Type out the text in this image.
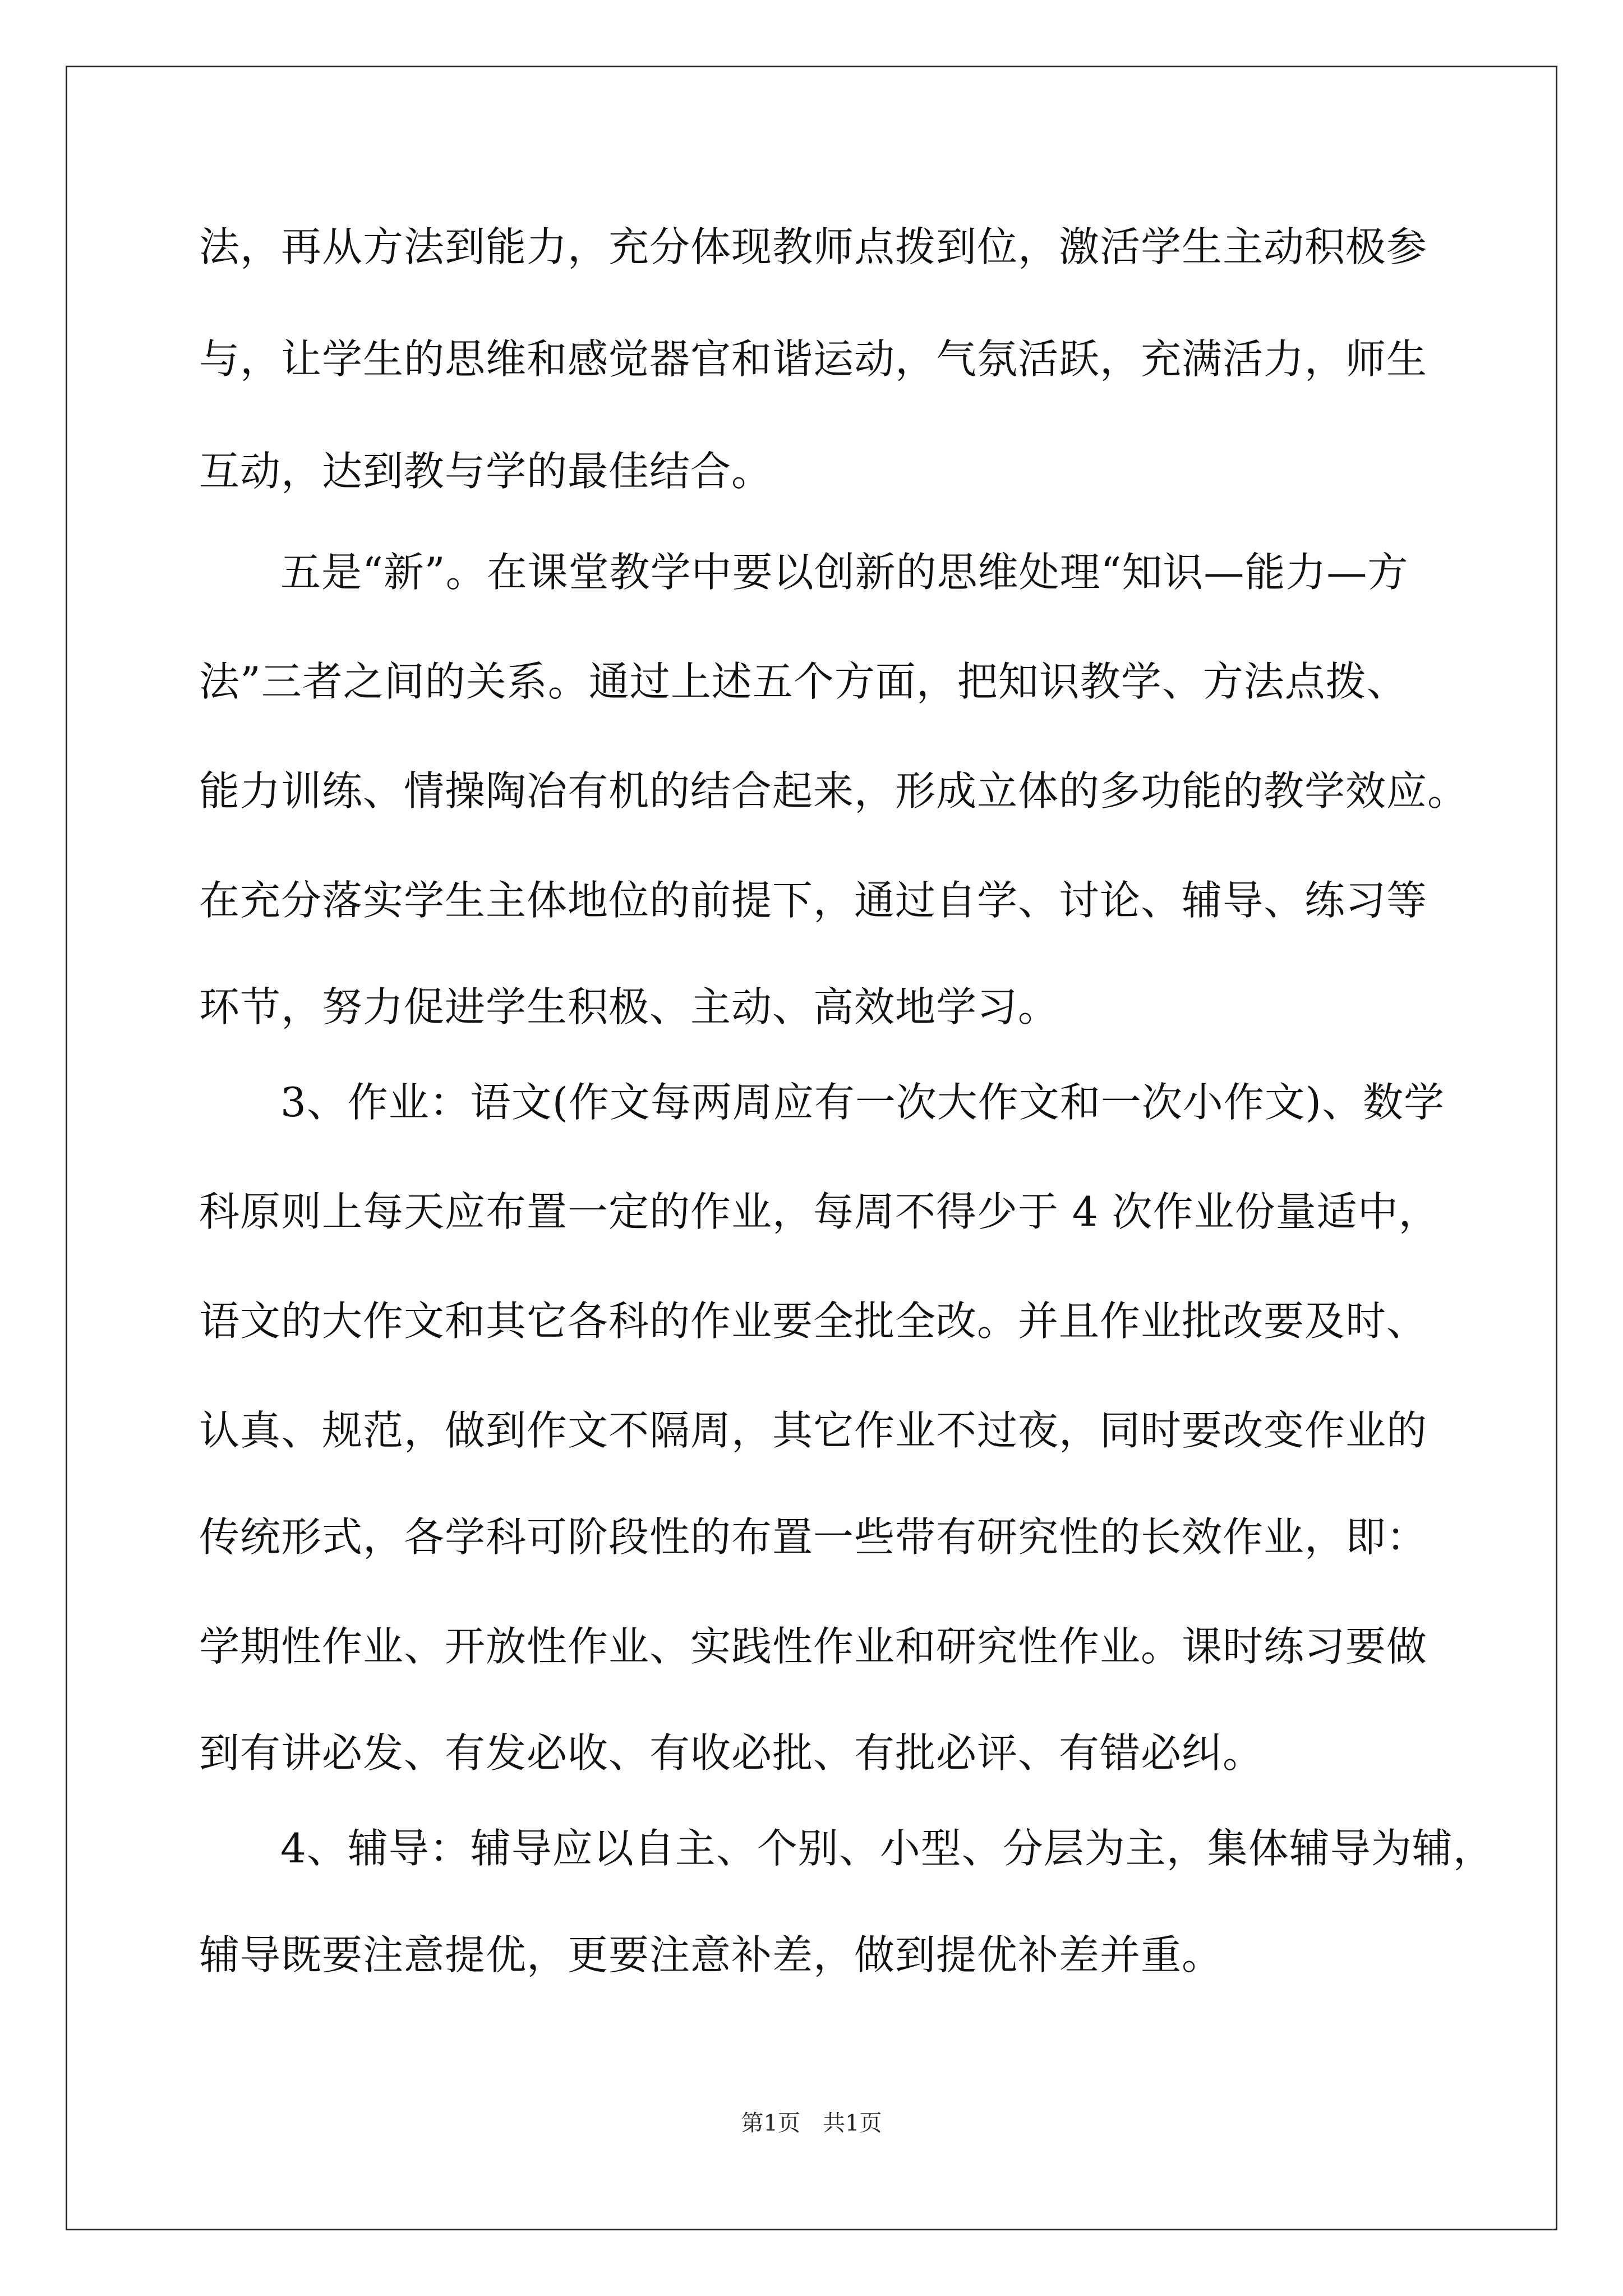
法，再从方法到能力，充分体现教师点拨到位，激活学生主动积极参
与，让学生的思维和感觉器官和谐运动，气氛活跃，充满活力，师生
互动，达到教与学的最佳结合。
五是“新”。在课堂教学中要以创新的思维处理“知识—能力—方
法”三者之间的关系。通过上述五个方面，把知识教学、方法点拨、
能力训练、情操陶冶有机的结合起来，形成立体的多功能的教学效应。
在充分落实学生主体地位的前提下，通过自学、讨论、辅导、练习等
环节，努力促进学生积极、主动、高效地学习。
3、作业：语文(作文每两周应有一次大作文和一次小作文)、数学
科原则上每天应布置一定的作业，每周不得少于 4 次作业份量适中，
语文的大作文和其它各科的作业要全批全改。并且作业批改要及时、
认真、规范，做到作文不隔周，其它作业不过夜，同时要改变作业的
传统形式，各学科可阶段性的布置一些带有研究性的长效作业，即：
学期性作业、开放性作业、实践性作业和研究性作业。课时练习要做
到有讲必发、有发必收、有收必批、有批必评、有错必纠。
4、辅导：辅导应以自主、个别、小型、分层为主，集体辅导为辅，
辅导既要注意提优，更要注意补差，做到提优补差并重。
第1页　共1页
